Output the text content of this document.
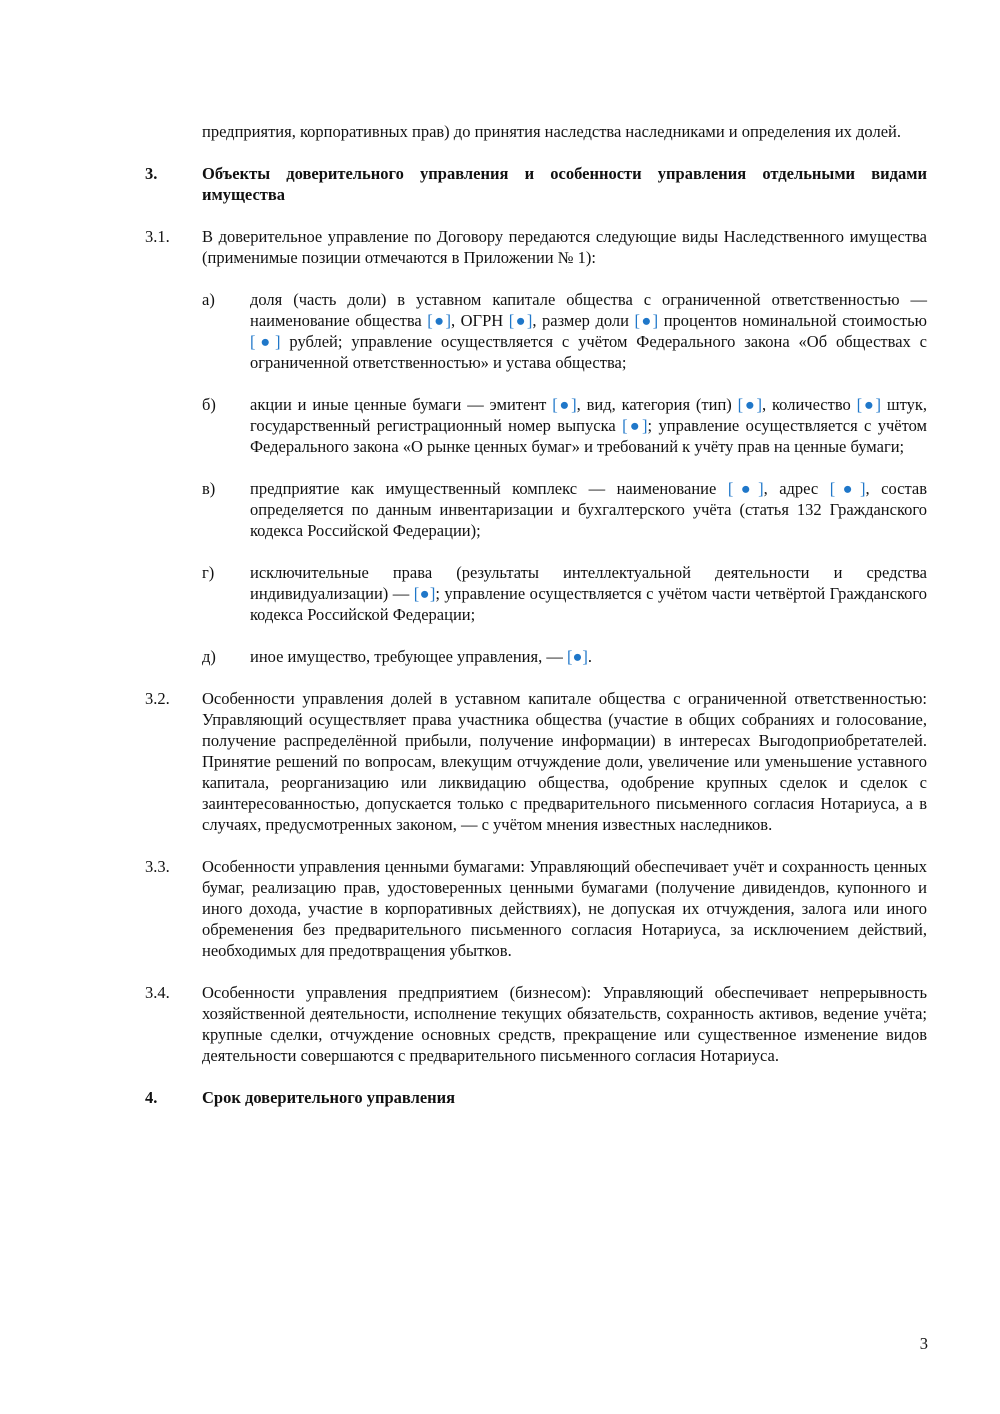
предприятия, корпоративных прав) до принятия наследства наследниками и определения их долей.
3.	Объекты доверительного управления и особенности управления отдельными видами имущества
3.1.	В доверительное управление по Договору передаются следующие виды Наследственного имущества (применимые позиции отмечаются в Приложении № 1):
а)	доля (часть доли) в уставном капитале общества с ограниченной ответственностью — наименование общества [●], ОГРН [●], размер доли [●] процентов номинальной стоимостью [●] рублей; управление осуществляется с учётом Федерального закона «Об обществах с ограниченной ответственностью» и устава общества;
б)	акции и иные ценные бумаги — эмитент [●], вид, категория (тип) [●], количество [●] штук, государственный регистрационный номер выпуска [●]; управление осуществляется с учётом Федерального закона «О рынке ценных бумаг» и требований к учёту прав на ценные бумаги;
в)	предприятие как имущественный комплекс — наименование [●], адрес [●], состав определяется по данным инвентаризации и бухгалтерского учёта (статья 132 Гражданского кодекса Российской Федерации);
г)	исключительные права (результаты интеллектуальной деятельности и средства индивидуализации) — [●]; управление осуществляется с учётом части четвёртой Гражданского кодекса Российской Федерации;
д)	иное имущество, требующее управления, — [●].
3.2.	Особенности управления долей в уставном капитале общества с ограниченной ответственностью: Управляющий осуществляет права участника общества (участие в общих собраниях и голосование, получение распределённой прибыли, получение информации) в интересах Выгодоприобретателей. Принятие решений по вопросам, влекущим отчуждение доли, увеличение или уменьшение уставного капитала, реорганизацию или ликвидацию общества, одобрение крупных сделок и сделок с заинтересованностью, допускается только с предварительного письменного согласия Нотариуса, а в случаях, предусмотренных законом, — с учётом мнения известных наследников.
3.3.	Особенности управления ценными бумагами: Управляющий обеспечивает учёт и сохранность ценных бумаг, реализацию прав, удостоверенных ценными бумагами (получение дивидендов, купонного и иного дохода, участие в корпоративных действиях), не допуская их отчуждения, залога или иного обременения без предварительного письменного согласия Нотариуса, за исключением действий, необходимых для предотвращения убытков.
3.4.	Особенности управления предприятием (бизнесом): Управляющий обеспечивает непрерывность хозяйственной деятельности, исполнение текущих обязательств, сохранность активов, ведение учёта; крупные сделки, отчуждение основных средств, прекращение или существенное изменение видов деятельности совершаются с предварительного письменного согласия Нотариуса.
4.	Срок доверительного управления
3
